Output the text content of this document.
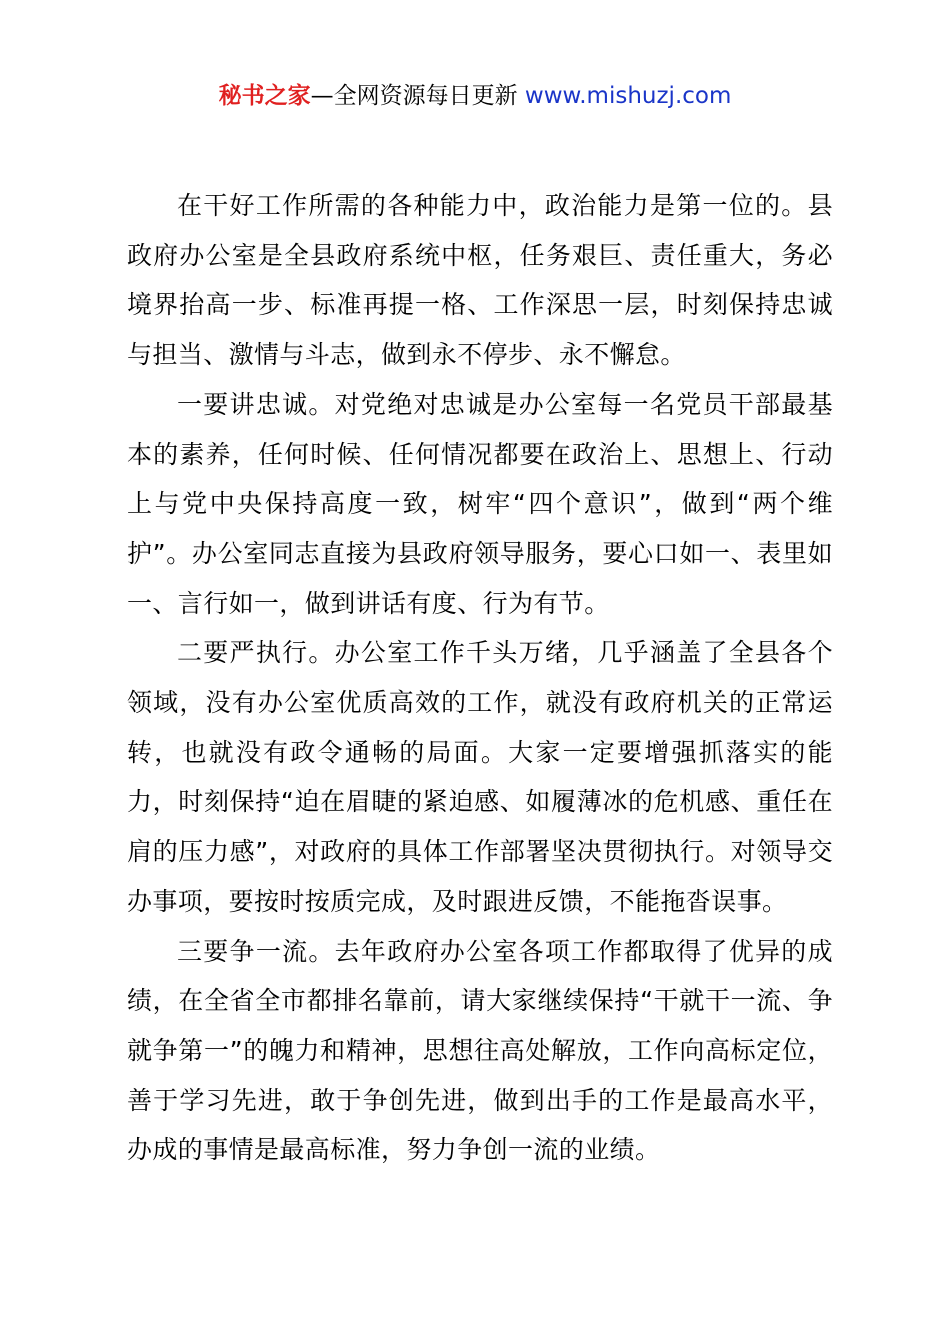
秘书之家—全网资源每日更新 www.mishuzj.com

在干好工作所需的各种能力中，政治能力是第一位的。县政府办公室是全县政府系统中枢，任务艰巨、责任重大，务必境界抬高一步、标准再提一格、工作深思一层，时刻保持忠诚与担当、激情与斗志，做到永不停步、永不懈怠。

一要讲忠诚。对党绝对忠诚是办公室每一名党员干部最基本的素养，任何时候、任何情况都要在政治上、思想上、行动上与党中央保持高度一致，树牢“四个意识”，做到“两个维护”。办公室同志直接为县政府领导服务，要心口如一、表里如一、言行如一，做到讲话有度、行为有节。

二要严执行。办公室工作千头万绪，几乎涵盖了全县各个领域，没有办公室优质高效的工作，就没有政府机关的正常运转，也就没有政令通畅的局面。大家一定要增强抓落实的能力，时刻保持“迫在眉睫的紧迫感、如履薄冰的危机感、重任在肩的压力感”，对政府的具体工作部署坚决贯彻执行。对领导交办事项，要按时按质完成，及时跟进反馈，不能拖沓误事。

三要争一流。去年政府办公室各项工作都取得了优异的成绩，在全省全市都排名靠前，请大家继续保持“干就干一流、争就争第一”的魄力和精神，思想往高处解放，工作向高标定位，善于学习先进，敢于争创先进，做到出手的工作是最高水平，办成的事情是最高标准，努力争创一流的业绩。
